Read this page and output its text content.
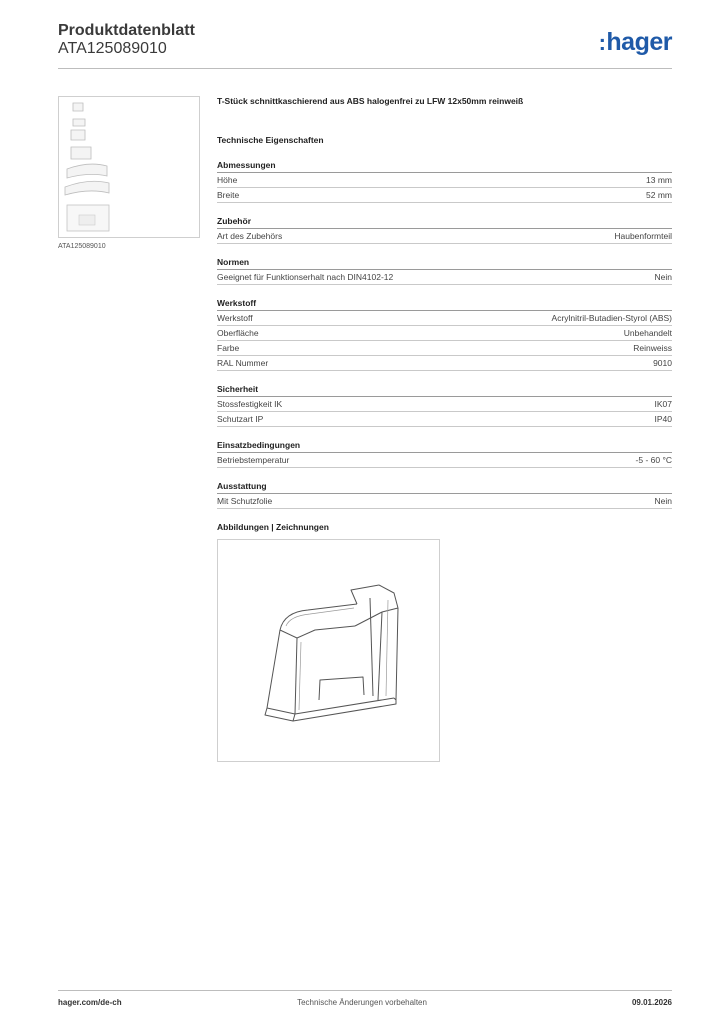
Produktdatenblatt
ATA125089010	:hager
ATA125089010
T-Stück schnittkaschierend aus ABS halogenfrei zu LFW 12x50mm reinweiß
Technische Eigenschaften
Abmessungen
Höhe	13 mm
Breite	52 mm
Zubehör
Art des Zubehörs	Haubenformteil
Normen
Geeignet für Funktionserhalt nach DIN4102-12	Nein
Werkstoff
Werkstoff	Acrylnitril-Butadien-Styrol (ABS)
Oberfläche	Unbehandelt
Farbe	Reinweiss
RAL Nummer	9010
Sicherheit
Stossfestigkeit IK	IK07
Schutzart IP	IP40
Einsatzbedingungen
Betriebstemperatur	-5 - 60 °C
Ausstattung
Mit Schutzfolie	Nein
Abbildungen | Zeichnungen
hager.com/de-ch	Technische Änderungen vorbehalten	09.01.2026
